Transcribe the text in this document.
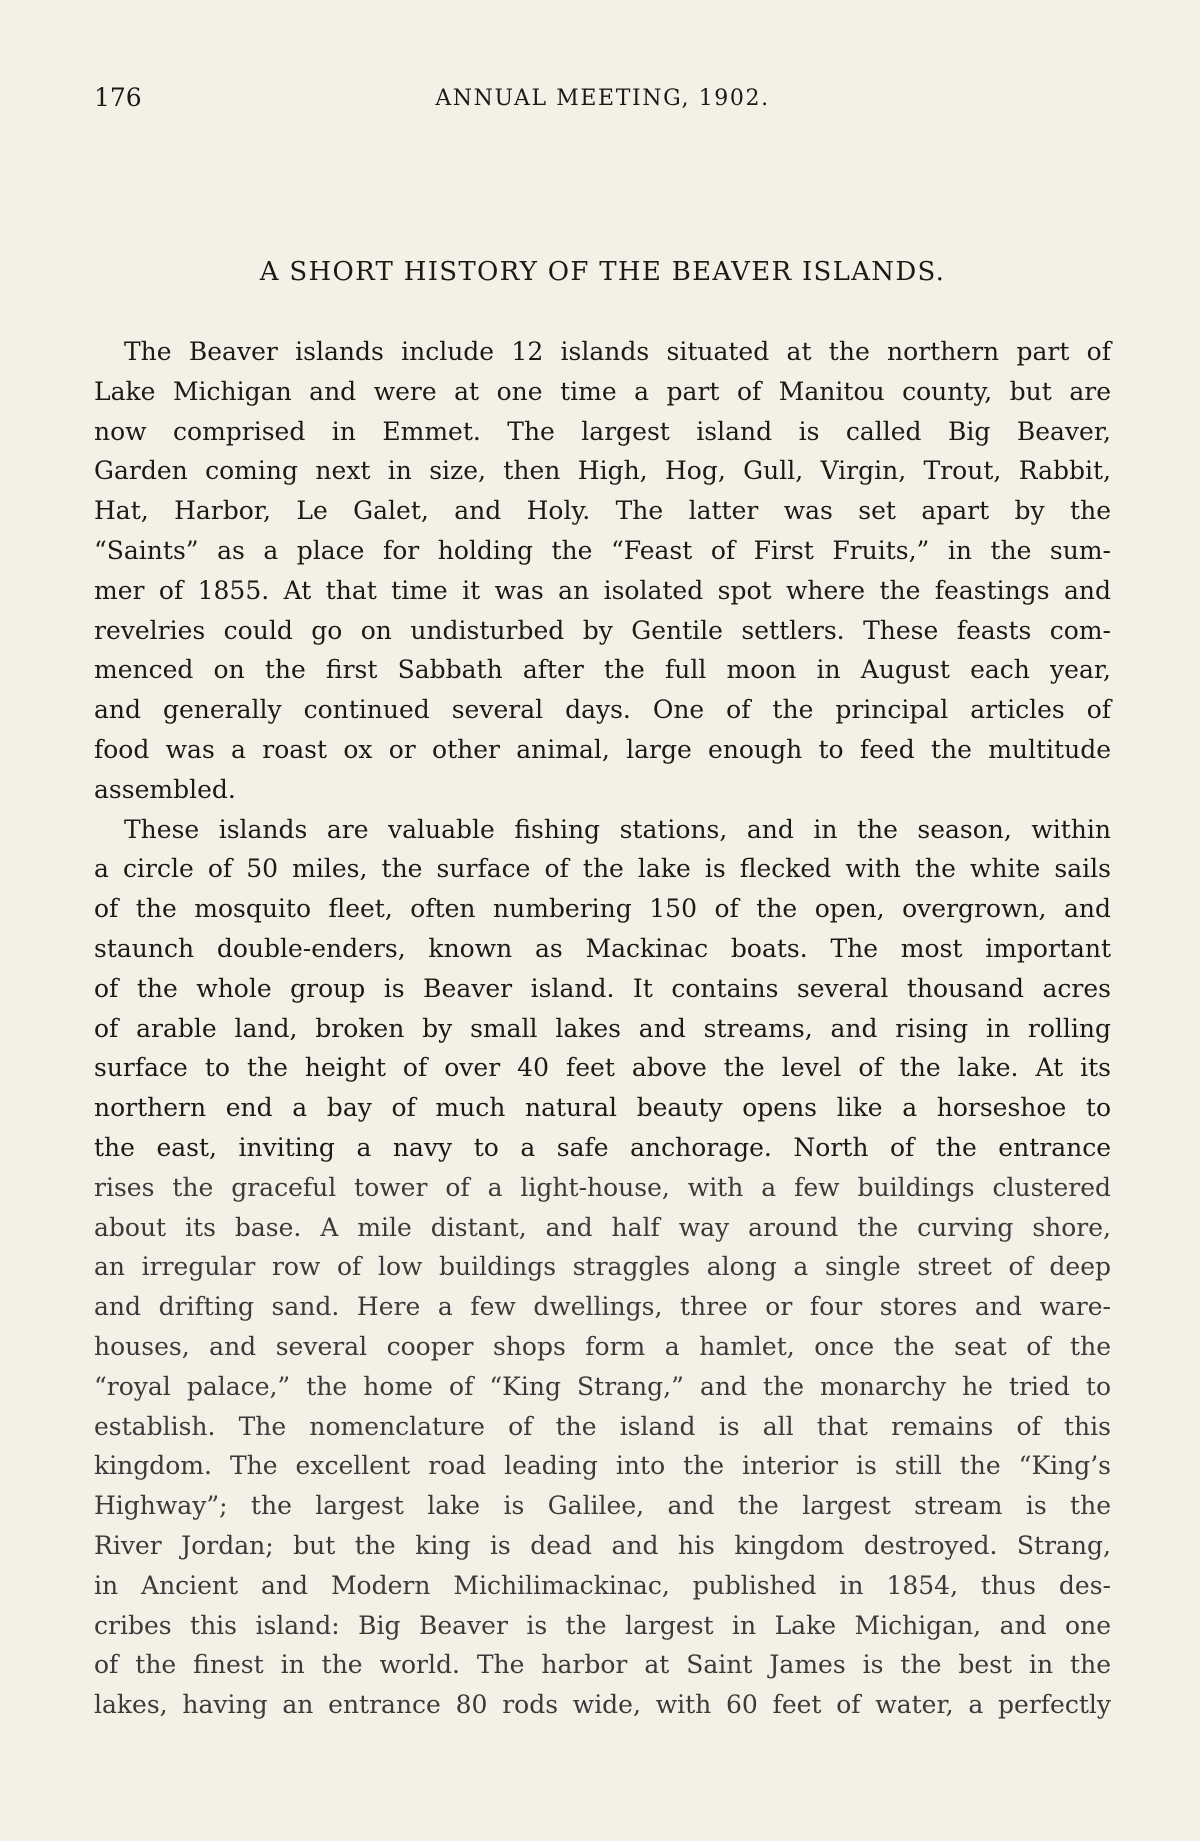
176	ANNUAL MEETING, 1902.
A SHORT HISTORY OF THE BEAVER ISLANDS.
The Beaver islands include 12 islands situated at the northern part of
Lake Michigan and were at one time a part of Manitou county, but are
now comprised in Emmet. The largest island is called Big Beaver,
Garden coming next in size, then High, Hog, Gull, Virgin, Trout, Rabbit,
Hat, Harbor, Le Galet, and Holy. The latter was set apart by the
“Saints” as a place for holding the “Feast of First Fruits,” in the sum-
mer of 1855. At that time it was an isolated spot where the feastings and
revelries could go on undisturbed by Gentile settlers. These feasts com-
menced on the first Sabbath after the full moon in August each year,
and generally continued several days. One of the principal articles of
food was a roast ox or other animal, large enough to feed the multitude
assembled.
These islands are valuable fishing stations, and in the season, within
a circle of 50 miles, the surface of the lake is flecked with the white sails
of the mosquito fleet, often numbering 150 of the open, overgrown, and
staunch double-enders, known as Mackinac boats. The most important
of the whole group is Beaver island. It contains several thousand acres
of arable land, broken by small lakes and streams, and rising in rolling
surface to the height of over 40 feet above the level of the lake. At its
northern end a bay of much natural beauty opens like a horseshoe to
the east, inviting a navy to a safe anchorage. North of the entrance
rises the graceful tower of a light-house, with a few buildings clustered
about its base. A mile distant, and half way around the curving shore,
an irregular row of low buildings straggles along a single street of deep
and drifting sand. Here a few dwellings, three or four stores and ware-
houses, and several cooper shops form a hamlet, once the seat of the
“royal palace,” the home of “King Strang,” and the monarchy he tried to
establish. The nomenclature of the island is all that remains of this
kingdom. The excellent road leading into the interior is still the “King’s
Highway”; the largest lake is Galilee, and the largest stream is the
River Jordan; but the king is dead and his kingdom destroyed. Strang,
in Ancient and Modern Michilimackinac, published in 1854, thus des-
cribes this island: Big Beaver is the largest in Lake Michigan, and one
of the finest in the world. The harbor at Saint James is the best in the
lakes, having an entrance 80 rods wide, with 60 feet of water, a perfectly
